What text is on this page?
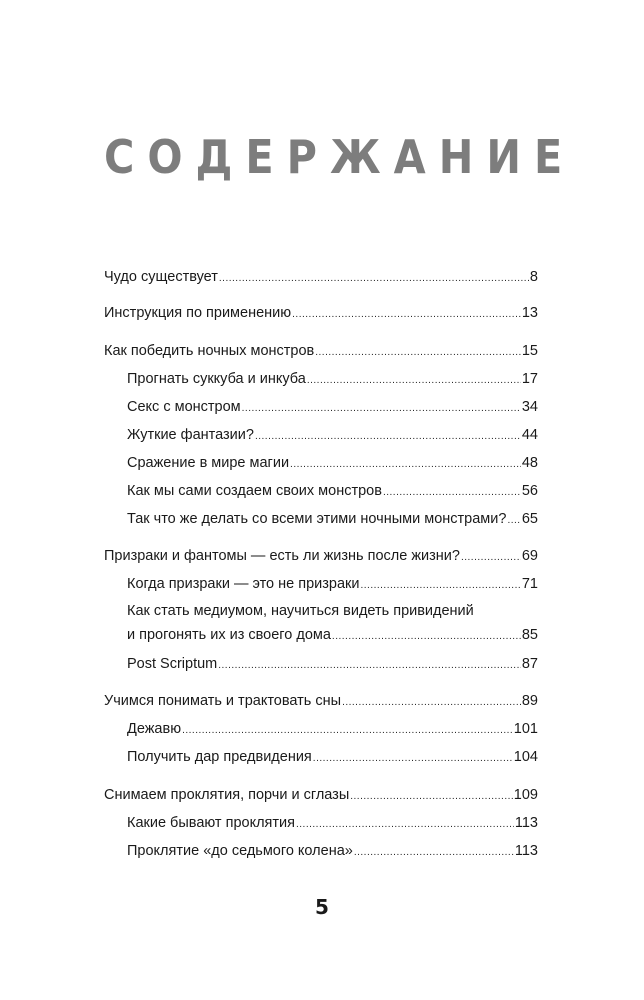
СОДЕРЖАНИЕ
Чудо существует .....	8
Инструкция по применению .....	13
Как победить ночных монстров .....	15
Прогнать суккуба и инкуба .....	17
Секс с монстром .....	34
Жуткие фантазии? .....	44
Сражение в мире магии .....	48
Как мы сами создаем своих монстров .....	56
Так что же делать со всеми этими ночными монстрами? ..... 65
Призраки и фантомы — есть ли жизнь после жизни? .....	69
Когда призраки — это не призраки .....	71
Как стать медиумом, научиться видеть привидений
и прогонять их из своего дома .....	85
Post Scriptum .....	87
Учимся понимать и трактовать сны .....	89
Дежавю .....	101
Получить дар предвидения .....	104
Снимаем проклятия, порчи и сглазы .....	109
Какие бывают проклятия .....	113
Проклятие «до седьмого колена» .....	113
5
